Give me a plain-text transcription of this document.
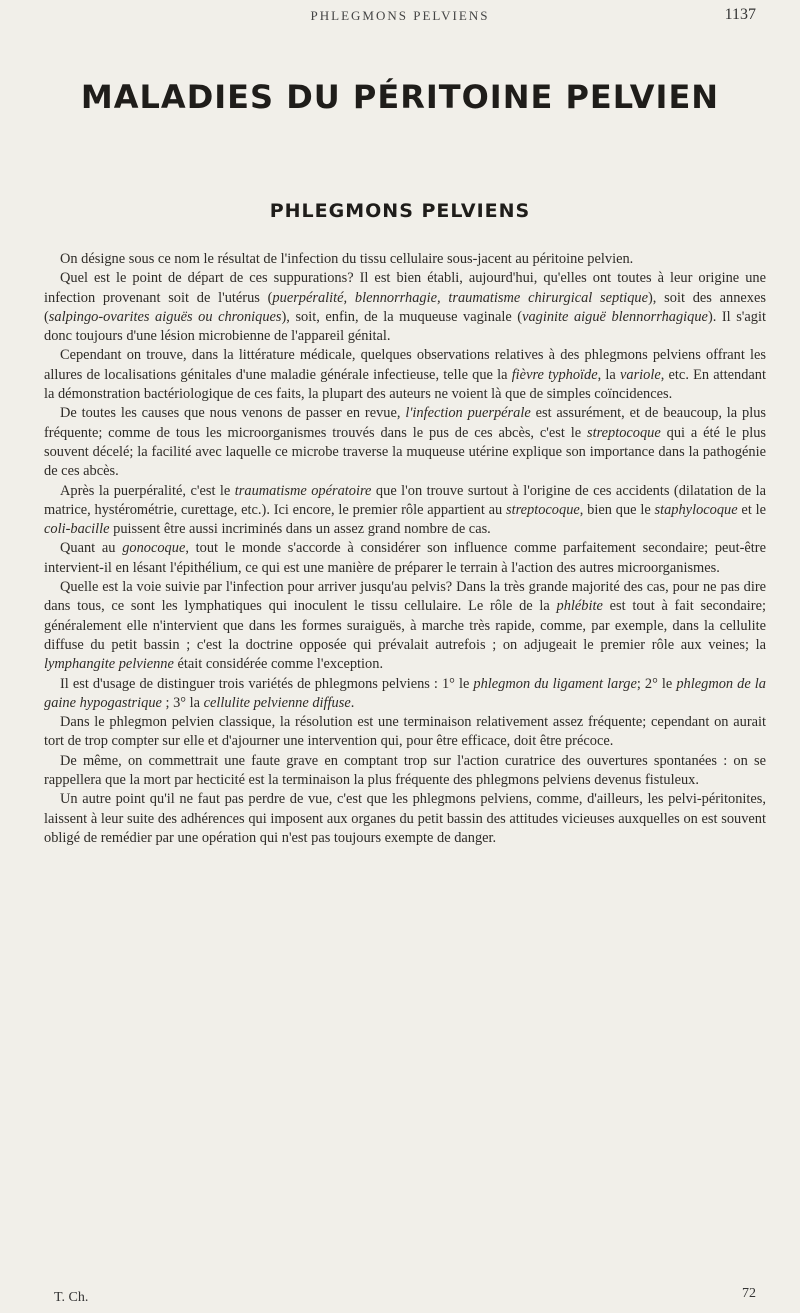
PHLEGMONS PELVIENS	1137
MALADIES DU PÉRITOINE PELVIEN
PHLEGMONS PELVIENS

On désigne sous ce nom le résultat de l'infection du tissu cellulaire sous-jacent au péritoine pelvien.

Quel est le point de départ de ces suppurations? Il est bien établi, aujourd'hui, qu'elles ont toutes à leur origine une infection provenant soit de l'utérus (puerpéralité, blennorrhagie, traumatisme chirurgical septique), soit des annexes (salpingo-ovarites aiguës ou chroniques), soit, enfin, de la muqueuse vaginale (vaginite aiguë blennorrhagique). Il s'agit donc toujours d'une lésion microbienne de l'appareil génital.

Cependant on trouve, dans la littérature médicale, quelques observations relatives à des phlegmons pelviens offrant les allures de localisations génitales d'une maladie générale infectieuse, telle que la fièvre typhoïde, la variole, etc. En attendant la démonstration bactériologique de ces faits, la plupart des auteurs ne voient là que de simples coïncidences.

De toutes les causes que nous venons de passer en revue, l'infection puerpérale est assurément, et de beaucoup, la plus fréquente; comme de tous les microorganismes trouvés dans le pus de ces abcès, c'est le streptocoque qui a été le plus souvent décelé; la facilité avec laquelle ce microbe traverse la muqueuse utérine explique son importance dans la pathogénie de ces abcès.

Après la puerpéralité, c'est le traumatisme opératoire que l'on trouve surtout à l'origine de ces accidents (dilatation de la matrice, hystérométrie, curettage, etc.). Ici encore, le premier rôle appartient au streptocoque, bien que le staphylocoque et le coli-bacille puissent être aussi incriminés dans un assez grand nombre de cas.

Quant au gonocoque, tout le monde s'accorde à considérer son influence comme parfaitement secondaire; peut-être intervient-il en lésant l'épithélium, ce qui est une manière de préparer le terrain à l'action des autres microorganismes.

Quelle est la voie suivie par l'infection pour arriver jusqu'au pelvis? Dans la très grande majorité des cas, pour ne pas dire dans tous, ce sont les lymphatiques qui inoculent le tissu cellulaire. Le rôle de la phlébite est tout à fait secondaire; généralement elle n'intervient que dans les formes suraiguës, à marche très rapide, comme, par exemple, dans la cellulite diffuse du petit bassin ; c'est la doctrine opposée qui prévalait autrefois ; on adjugeait le premier rôle aux veines; la lymphangite pelvienne était considérée comme l'exception.

Il est d'usage de distinguer trois variétés de phlegmons pelviens : 1° le phlegmon du ligament large; 2° le phlegmon de la gaine hypogastrique ; 3° la cellulite pelvienne diffuse.

Dans le phlegmon pelvien classique, la résolution est une terminaison relativement assez fréquente; cependant on aurait tort de trop compter sur elle et d'ajourner une intervention qui, pour être efficace, doit être précoce.

De même, on commettrait une faute grave en comptant trop sur l'action curatrice des ouvertures spontanées : on se rappellera que la mort par hecticité est la terminaison la plus fréquente des phlegmons pelviens devenus fistuleux.

Un autre point qu'il ne faut pas perdre de vue, c'est que les phlegmons pelviens, comme, d'ailleurs, les pelvi-péritonites, laissent à leur suite des adhérences qui imposent aux organes du petit bassin des attitudes vicieuses auxquelles on est souvent obligé de remédier par une opération qui n'est pas toujours exempte de danger.

T. Ch.	72
